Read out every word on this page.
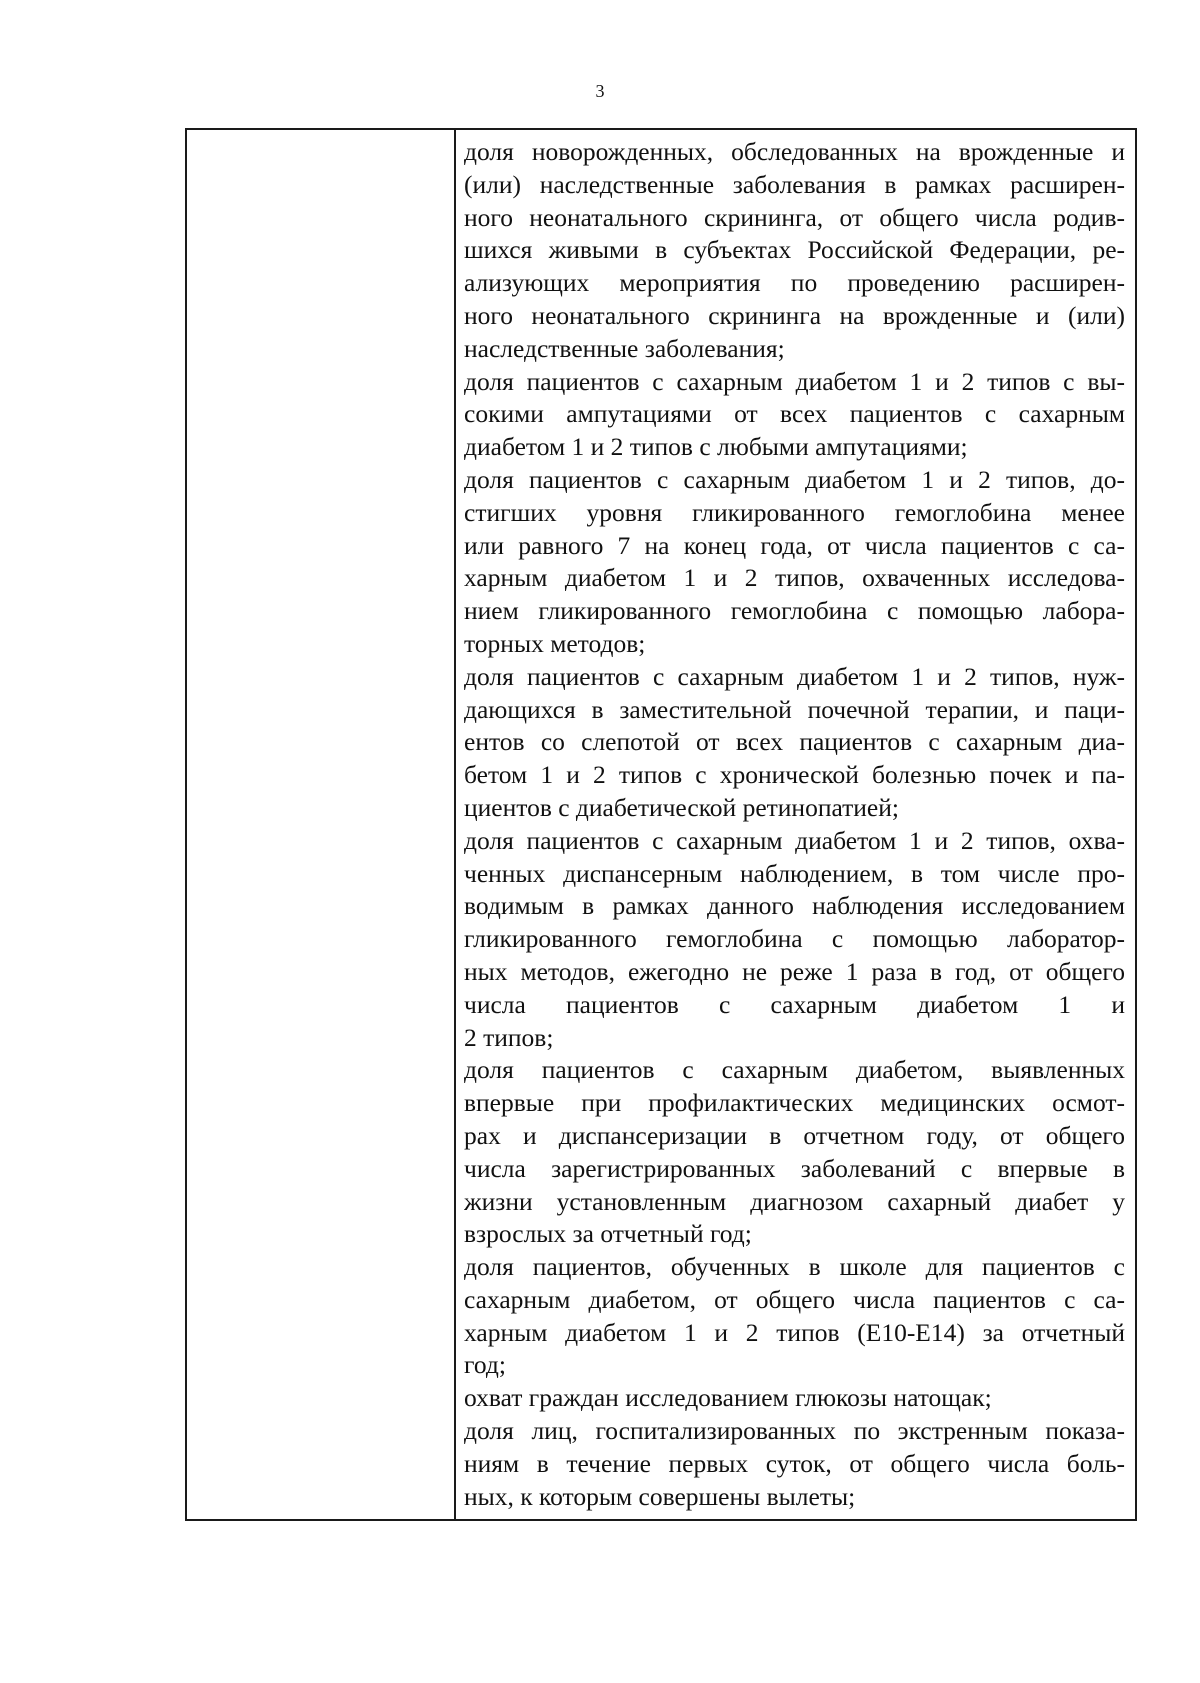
3
доля новорожденных, обследованных на врожденные и
(или) наследственные заболевания в рамках расширен-
ного неонатального скрининга, от общего числа родив-
шихся живыми в субъектах Российской Федерации, ре-
ализующих мероприятия по проведению расширен-
ного неонатального скрининга на врожденные и (или)
наследственные заболевания;
доля пациентов с сахарным диабетом 1 и 2 типов с вы-
сокими ампутациями от всех пациентов с сахарным
диабетом 1 и 2 типов с любыми ампутациями;
доля пациентов с сахарным диабетом 1 и 2 типов, до-
стигших уровня гликированного гемоглобина менее
или равного 7 на конец года, от числа пациентов с са-
харным диабетом 1 и 2 типов, охваченных исследова-
нием гликированного гемоглобина с помощью лабора-
торных методов;
доля пациентов с сахарным диабетом 1 и 2 типов, нуж-
дающихся в заместительной почечной терапии, и паци-
ентов со слепотой от всех пациентов с сахарным диа-
бетом 1 и 2 типов с хронической болезнью почек и па-
циентов с диабетической ретинопатией;
доля пациентов с сахарным диабетом 1 и 2 типов, охва-
ченных диспансерным наблюдением, в том числе про-
водимым в рамках данного наблюдения исследованием
гликированного гемоглобина с помощью лаборатор-
ных методов, ежегодно не реже 1 раза в год, от общего
числа пациентов с сахарным диабетом 1 и
2 типов;
доля пациентов с сахарным диабетом, выявленных
впервые при профилактических медицинских осмот-
рах и диспансеризации в отчетном году, от общего
числа зарегистрированных заболеваний с впервые в
жизни установленным диагнозом сахарный диабет у
взрослых за отчетный год;
доля пациентов, обученных в школе для пациентов с
сахарным диабетом, от общего числа пациентов с са-
харным диабетом 1 и 2 типов (Е10-Е14) за отчетный
год;
охват граждан исследованием глюкозы натощак;
доля лиц, госпитализированных по экстренным показа-
ниям в течение первых суток, от общего числа боль-
ных, к которым совершены вылеты;
